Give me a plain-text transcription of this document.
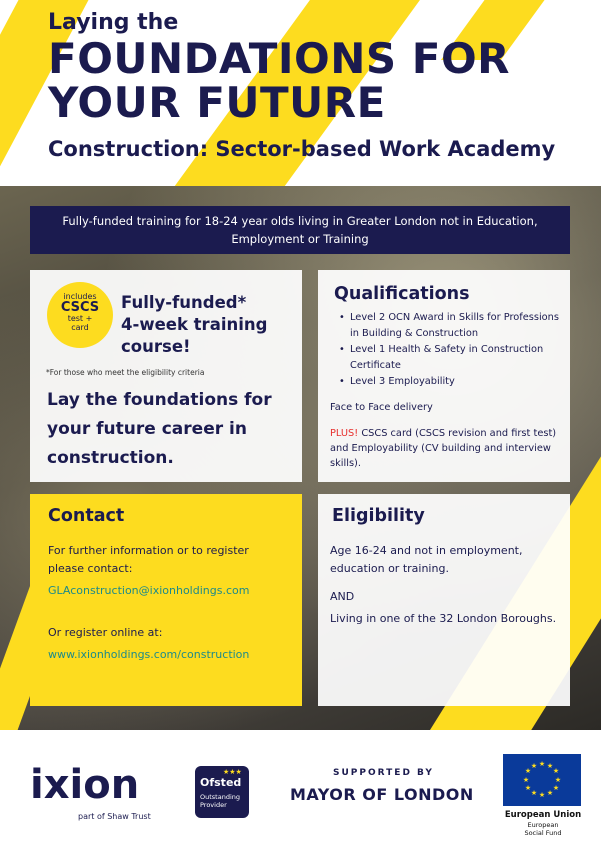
Laying the
FOUNDATIONS FOR
YOUR FUTURE
Construction: Sector-based Work Academy
Fully-funded training for 18-24 year olds living in Greater London not in Education,
Employment or Training
includes
CSCS
test +
card
Fully-funded*
4-week training
course!
*For those who meet the eligibility criteria
Lay the foundations for
your future career in
construction.
Qualifications
• Level 2 OCN Award in Skills for Professions in Building & Construction
• Level 1 Health & Safety in Construction Certificate
• Level 3 Employability
Face to Face delivery
PLUS! CSCS card (CSCS revision and first test) and Employability (CV building and interview skills).
Contact
For further information or to register
please contact:
GLAconstruction@ixionholdings.com
Or register online at:
www.ixionholdings.com/construction
Eligibility
Age 16-24 and not in employment,
education or training.
AND
Living in one of the 32 London Boroughs.
ixion
part of Shaw Trust
★★★
Ofsted
Outstanding
Provider
SUPPORTED BY
MAYOR OF LONDON
★ ★
★
★
★
★
★
★
★
★
★
★
European Union
European
Social Fund
